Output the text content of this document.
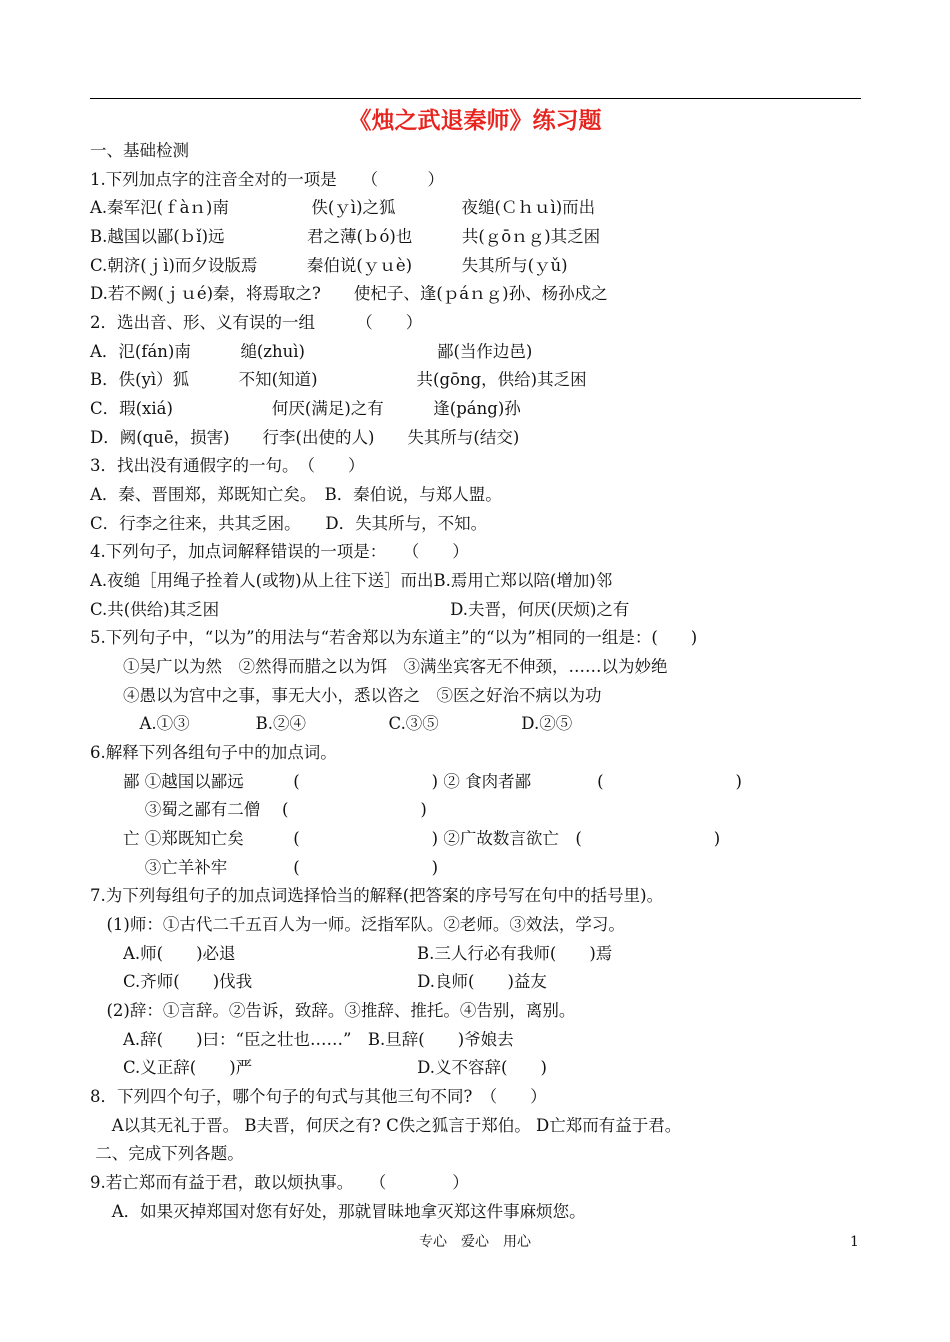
《烛之武退秦师》练习题
一、基础检测
1.下列加点字的注音全对的一项是　　（　　　）
A.秦军氾(ｆàｎ)南　　　　　佚(ｙì)之狐　　　　夜缒(Ｃｈｕì)而出
B.越国以鄙(ｂǐ)远　　　　　君之薄(ｂó)也　　　共(ｇōｎｇ)其乏困
C.朝济(ｊì)而夕设版焉　　　秦伯说(ｙｕè)　　　失其所与(ｙǔ)
D.若不阙(ｊｕé)秦，将焉取之?　　使杞子、逢(ｐáｎｇ)孙、杨孙戍之
2．选出音、形、义有误的一组　　　（　　）
A．氾(fán)南　　　缒(zhuì)　　　　　　　　鄙(当作边邑)
B．佚(yì）狐　　　不知(知道)　　　　　　共(gōng，供给)其乏困
C．瑕(xiá)　　　　　　何厌(满足)之有　　　逢(páng)孙
D．阙(quē，损害)　　行李(出使的人)　　失其所与(结交)
3．找出没有通假字的一句。　（　　）
A．秦、晋围郑，郑既知亡矣。　B．秦伯说，与郑人盟。
C．行李之往来，共其乏困。　　D．失其所与，不知。
4.下列句子，加点词解释错误的一项是：　　（　　）
A.夜缒［用绳子拴着人(或物)从上往下送］而出B.焉用亡郑以陪(增加)邻
C.共(供给)其乏困　　　　　　　　　　　　　　D.夫晋，何厌(厌烦)之有
5.下列句子中，“以为”的用法与“若舍郑以为东道主”的“以为”相同的一组是：(　　)
　　①吴广以为然　②然得而腊之以为饵　③满坐宾客无不伸颈，……以为妙绝
　　④愚以为宫中之事，事无大小，悉以咨之　⑤医之好治不病以为功
　　　A.①③　　　　B.②④　　　　　C.③⑤　　　　　D.②⑤
6.解释下列各组句子中的加点词。
　　鄙 ①越国以鄙远　　　(　　　　　　　　) ② 食肉者鄙　　　　(　　　　　　　　)
　　　 ③蜀之鄙有二僧　 (　　　　　　　　)
　　亡 ①郑既知亡矣　　　(　　　　　　　　) ②广故数言欲亡　(　　　　　　　　)
　　　 ③亡羊补牢　　　　(　　　　　　　　)
7.为下列每组句子的加点词选择恰当的解释(把答案的序号写在句中的括号里)。
　(1)师：①古代二千五百人为一师。泛指军队。②老师。③效法，学习。
　　A.师(　　)必退　　　　　　　　　　　B.三人行必有我师(　　)焉
　　C.齐师(　　)伐我　　　　　　　　　　D.良师(　　)益友
　(2)辞：①言辞。②告诉，致辞。③推辞、推托。④告别，离别。
　　A.辞(　　)曰：“臣之壮也……”　B.旦辞(　　)爷娘去
　　C.义正辞(　　)严　　　　　　　　　　D.义不容辞(　　)
8．下列四个句子，哪个句子的句式与其他三句不同?　（　　）
　 A以其无礼于晋。 B夫晋，何厌之有? C佚之狐言于郑伯。 D亡郑而有益于君。
二、完成下列各题。
9.若亡郑而有益于君，敢以烦执事。　　（　　　　）
　 A．如果灭掉郑国对您有好处，那就冒昧地拿灭郑这件事麻烦您。
专心　爱心　用心	1
